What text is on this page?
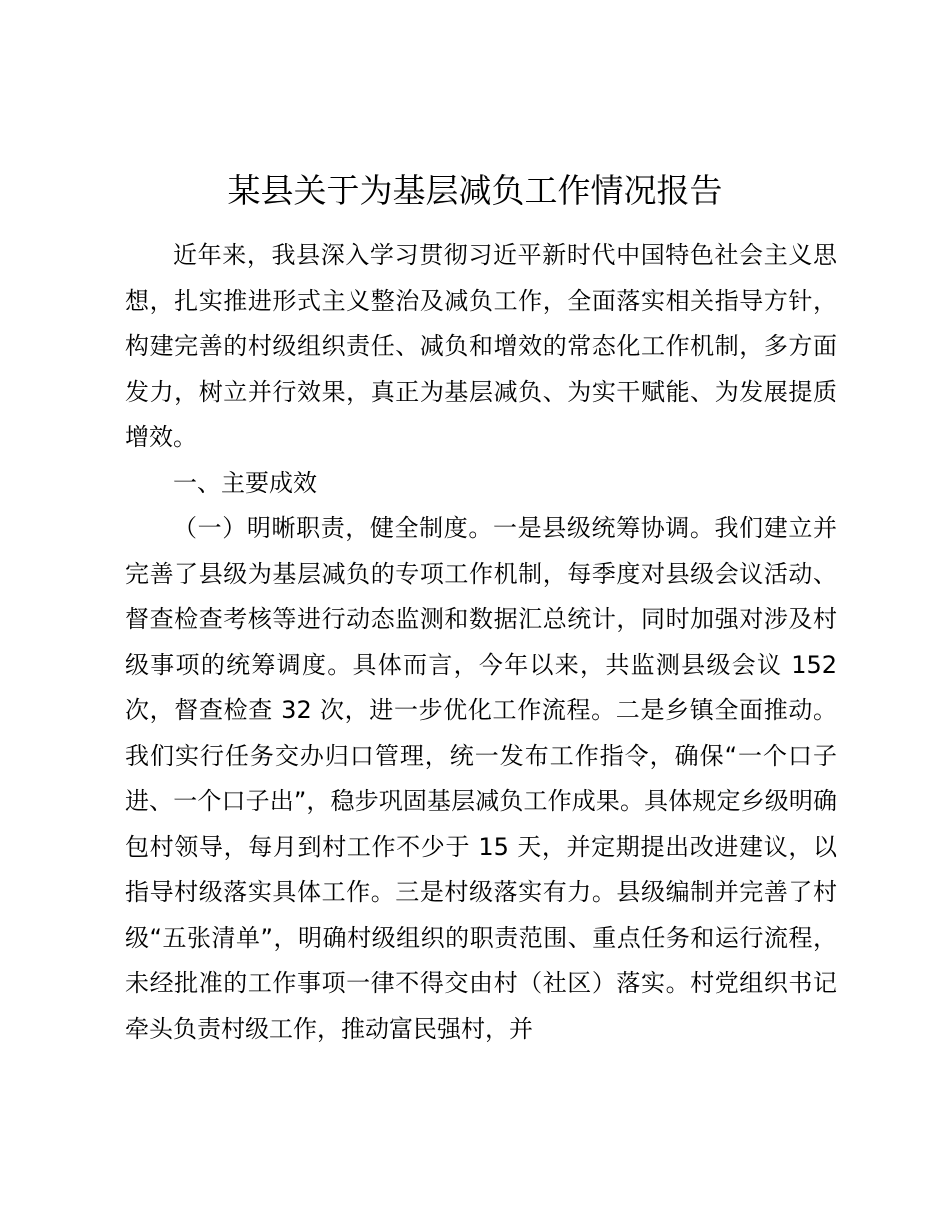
某县关于为基层减负工作情况报告

近年来，我县深入学习贯彻习近平新时代中国特色社会主义思想，扎实推进形式主义整治及减负工作，全面落实相关指导方针，构建完善的村级组织责任、减负和增效的常态化工作机制，多方面发力，树立并行效果，真正为基层减负、为实干赋能、为发展提质增效。

一、主要成效

（一）明晰职责，健全制度。一是县级统筹协调。我们建立并完善了县级为基层减负的专项工作机制，每季度对县级会议活动、督查检查考核等进行动态监测和数据汇总统计，同时加强对涉及村级事项的统筹调度。具体而言，今年以来，共监测县级会议 152 次，督查检查 32 次，进一步优化工作流程。二是乡镇全面推动。我们实行任务交办归口管理，统一发布工作指令，确保“一个口子进、一个口子出”，稳步巩固基层减负工作成果。具体规定乡级明确包村领导，每月到村工作不少于 15 天，并定期提出改进建议，以指导村级落实具体工作。三是村级落实有力。县级编制并完善了村级“五张清单”，明确村级组织的职责范围、重点任务和运行流程，未经批准的工作事项一律不得交由村（社区）落实。村党组织书记牵头负责村级工作，推动富民强村，并
